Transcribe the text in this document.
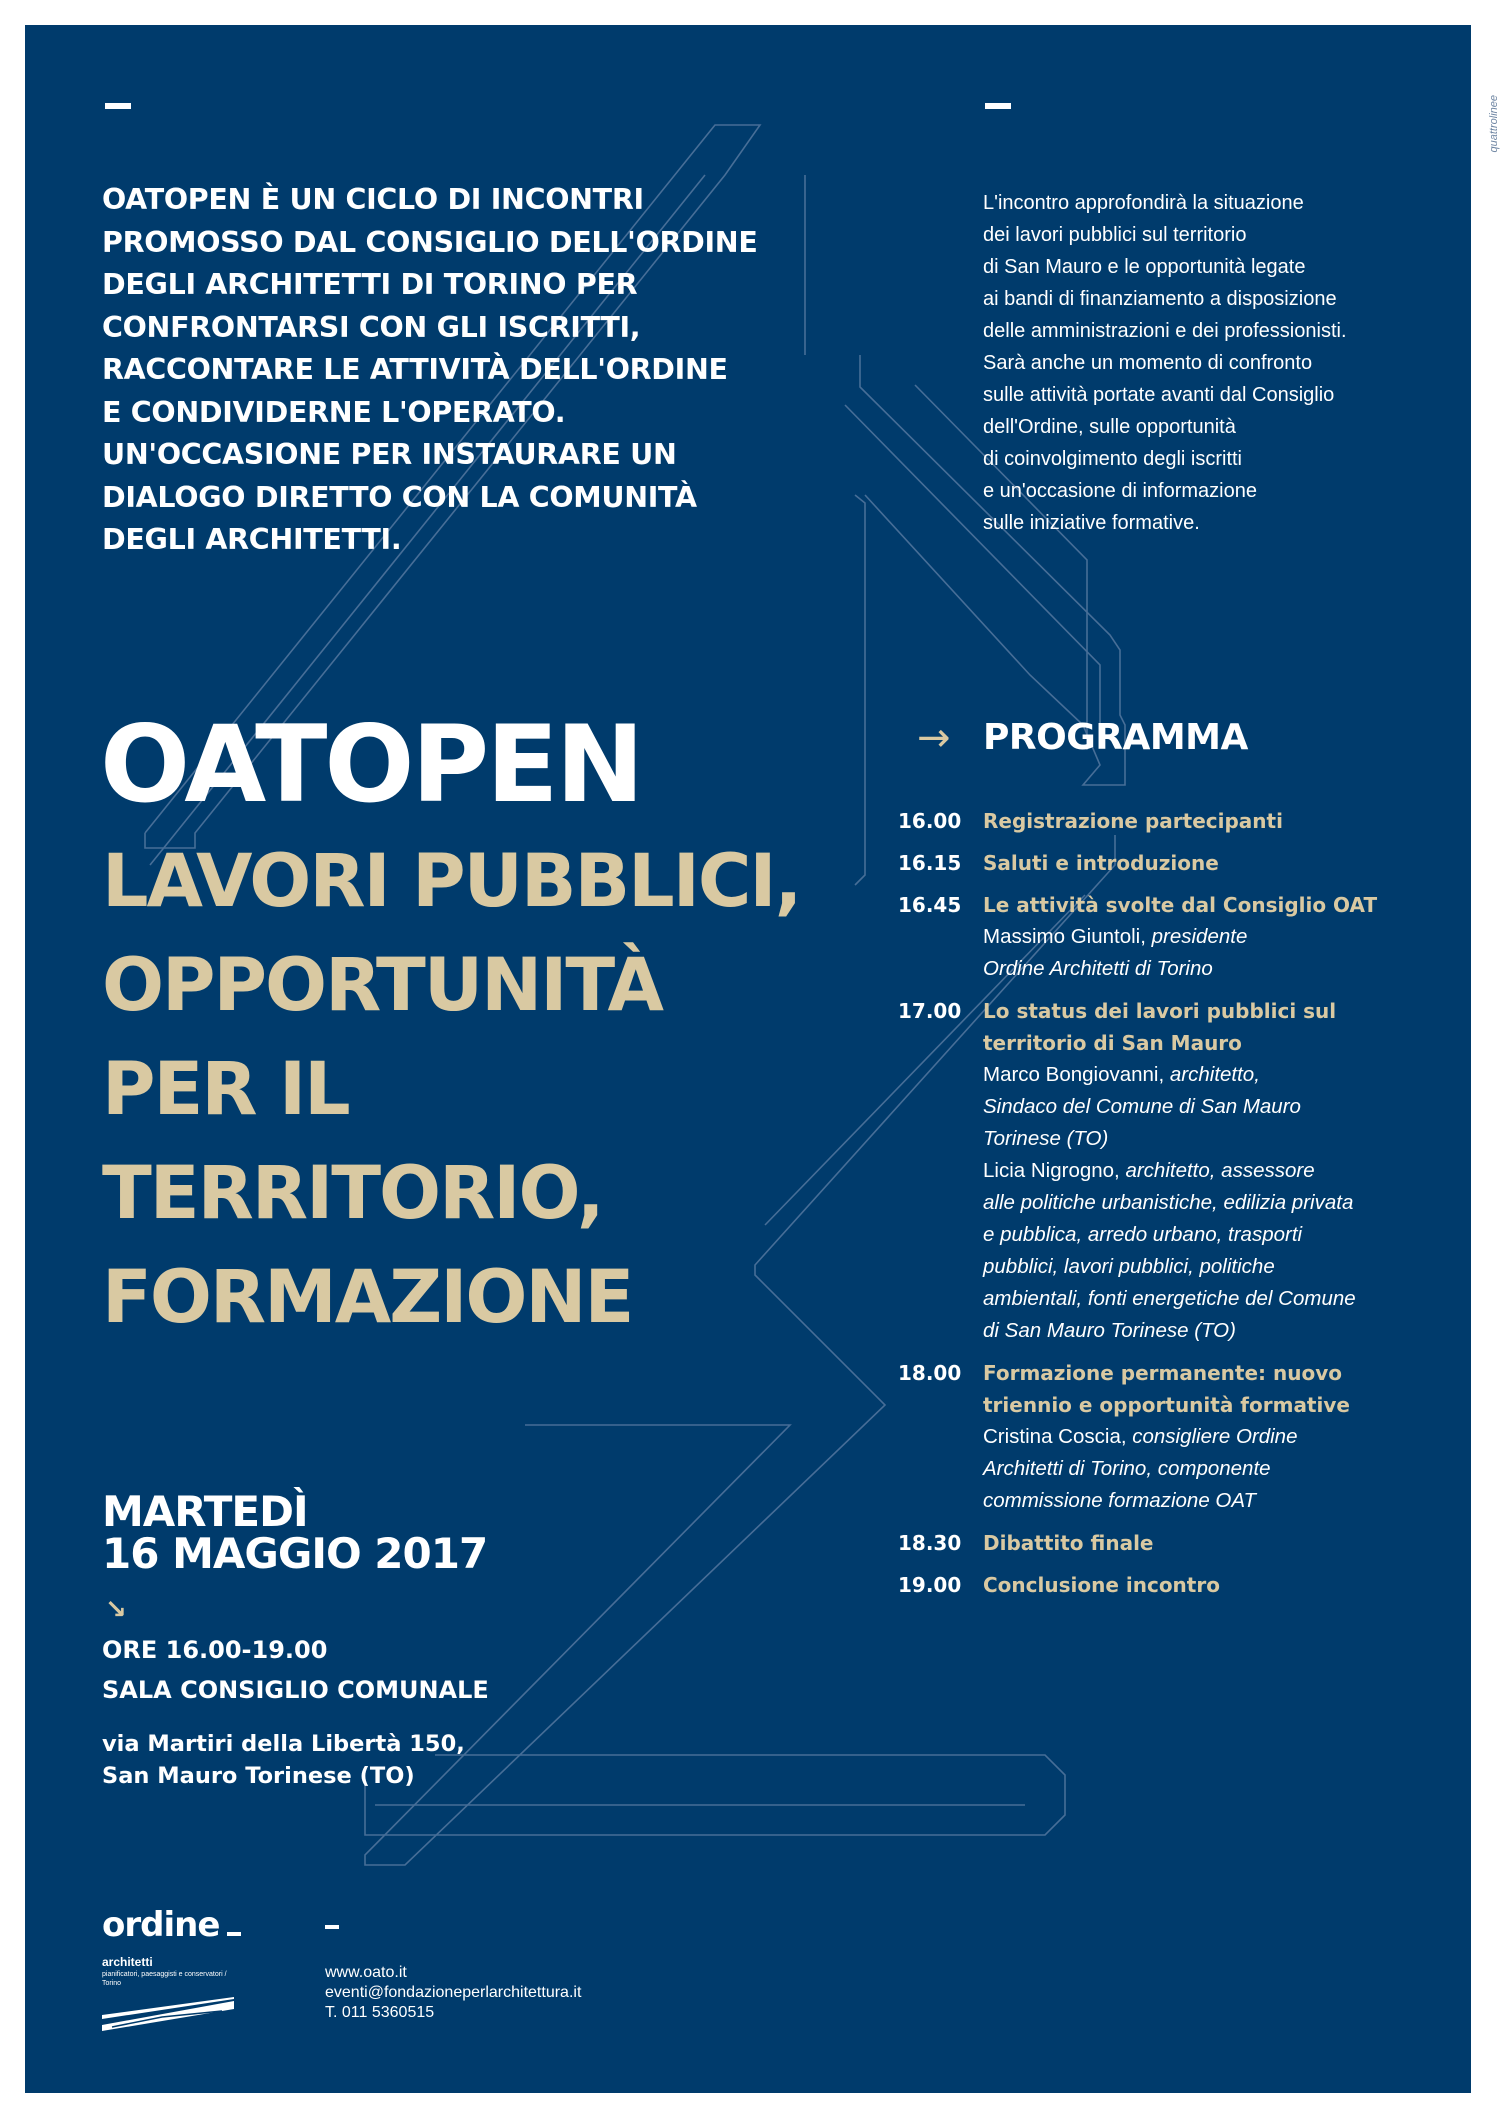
quattrolinee
OATOPEN È UN CICLO DI INCONTRI
PROMOSSO DAL CONSIGLIO DELL'ORDINE
DEGLI ARCHITETTI DI TORINO PER
CONFRONTARSI CON GLI ISCRITTI,
RACCONTARE LE ATTIVITÀ DELL'ORDINE
E CONDIVIDERNE L'OPERATO.
UN'OCCASIONE PER INSTAURARE UN
DIALOGO DIRETTO CON LA COMUNITÀ
DEGLI ARCHITETTI.
L'incontro approfondirà la situazione
dei lavori pubblici sul territorio
di San Mauro e le opportunità legate
ai bandi di finanziamento a disposizione
delle amministrazioni e dei professionisti.
Sarà anche un momento di confronto
sulle attività portate avanti dal Consiglio
dell'Ordine, sulle opportunità
di coinvolgimento degli iscritti
e un'occasione di informazione
sulle iniziative formative.
OATOPEN
LAVORI PUBBLICI,
OPPORTUNITÀ
PER IL
TERRITORIO,
FORMAZIONE
MARTEDÌ
16 MAGGIO 2017
↘
ORE 16.00-19.00
SALA CONSIGLIO COMUNALE
via Martiri della Libertà 150,
San Mauro Torinese (TO)
→ PROGRAMMA
16.00	Registrazione partecipanti
16.15	Saluti e introduzione
16.45	Le attività svolte dal Consiglio OAT
Massimo Giuntoli, presidente
Ordine Architetti di Torino
17.00	Lo status dei lavori pubblici sul
territorio di San Mauro
Marco Bongiovanni, architetto,
Sindaco del Comune di San Mauro
Torinese (TO)
Licia Nigrogno, architetto, assessore
alle politiche urbanistiche, edilizia privata
e pubblica, arredo urbano, trasporti
pubblici, lavori pubblici, politiche
ambientali, fonti energetiche del Comune
di San Mauro Torinese (TO)
18.00	Formazione permanente: nuovo
triennio e opportunità formative
Cristina Coscia, consigliere Ordine
Architetti di Torino, componente
commissione formazione OAT
18.30	Dibattito finale
19.00	Conclusione incontro
ordine
architetti
pianificatori, paesaggisti e conservatori / Torino
www.oato.it
eventi@fondazioneperlarchitettura.it
T. 011 5360515
